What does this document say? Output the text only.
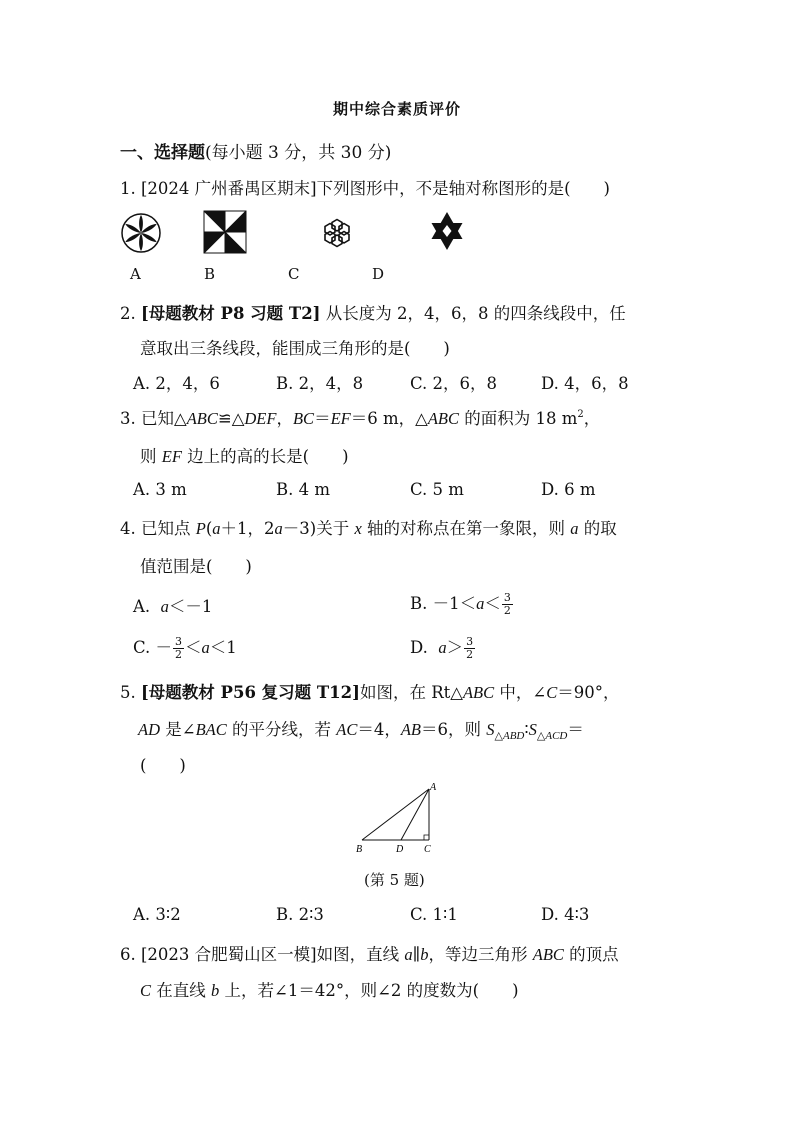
期中综合素质评价
一、选择题(每小题 3 分，共 30 分)
1. [2024 广州番禺区期末]下列图形中，不是轴对称图形的是(　　)
A	B	C	D
2. [母题教材 P8 习题 T2] 从长度为 2，4，6，8 的四条线段中，任
意取出三条线段，能围成三角形的是(　　)
A. 2，4，6	B. 2，4，8	C. 2，6，8	D. 4，6，8
3. 已知△ABC≌△DEF，BC＝EF＝6 m，△ABC 的面积为 18 $m^2$，
则 EF 边上的高的长是(　　)
A. 3 m	B. 4 m	C. 5 m	D. 6 m
4. 已知点 P(a＋1，2a－3)关于 x 轴的对称点在第一象限，则 a 的取
值范围是(　　)
A. a＜－1	B. $-1<a< \frac{3}{2}$
C. － $\frac{3}{2} <a<1$	D. $a> \frac{3}{2}$
5. [母题教材 P56 复习题 T12]如图，在 Rt△ABC 中，∠C＝90°，
AD 是∠BAC 的平分线，若 AC＝4，AB＝6，则 $S_{\triangle ABD}∶S_{\triangle ACD}=$
(　　)
A
B	D C
(第 5 题)
A. 3∶2	B. 2∶3	C. 1∶1	D. 4∶3
6. [2023 合肥蜀山区一模]如图，直线 a∥b，等边三角形 ABC 的顶点
C 在直线 b 上，若∠1＝42°，则∠2 的度数为(　　)
